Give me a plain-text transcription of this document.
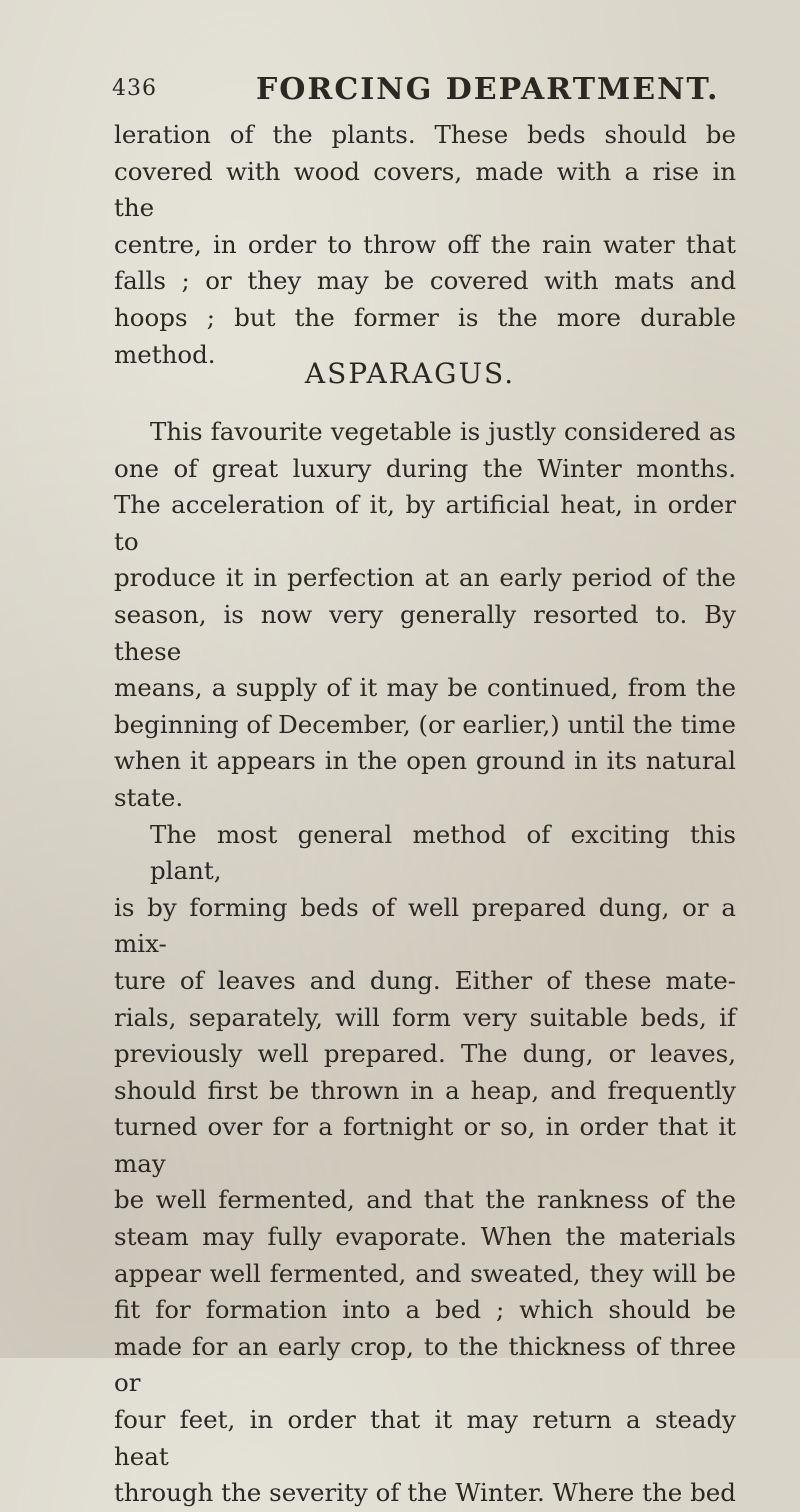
436	FORCING DEPARTMENT.
leration of the plants. These beds should be
covered with wood covers, made with a rise in the
centre, in order to throw off the rain water that
falls ; or they may be covered with mats and
hoops ; but the former is the more durable method.
ASPARAGUS.
This favourite vegetable is justly considered as
one of great luxury during the Winter months.
The acceleration of it, by artificial heat, in order to
produce it in perfection at an early period of the
season, is now very generally resorted to. By these
means, a supply of it may be continued, from the
beginning of December, (or earlier,) until the time
when it appears in the open ground in its natural
state.
The most general method of exciting this plant,
is by forming beds of well prepared dung, or a mix-
ture of leaves and dung. Either of these mate-
rials, separately, will form very suitable beds, if
previously well prepared. The dung, or leaves,
should first be thrown in a heap, and frequently
turned over for a fortnight or so, in order that it may
be well fermented, and that the rankness of the
steam may fully evaporate. When the materials
appear well fermented, and sweated, they will be
fit for formation into a bed ; which should be
made for an early crop, to the thickness of three or
four feet, in order that it may return a steady heat
through the severity of the Winter. Where the bed
